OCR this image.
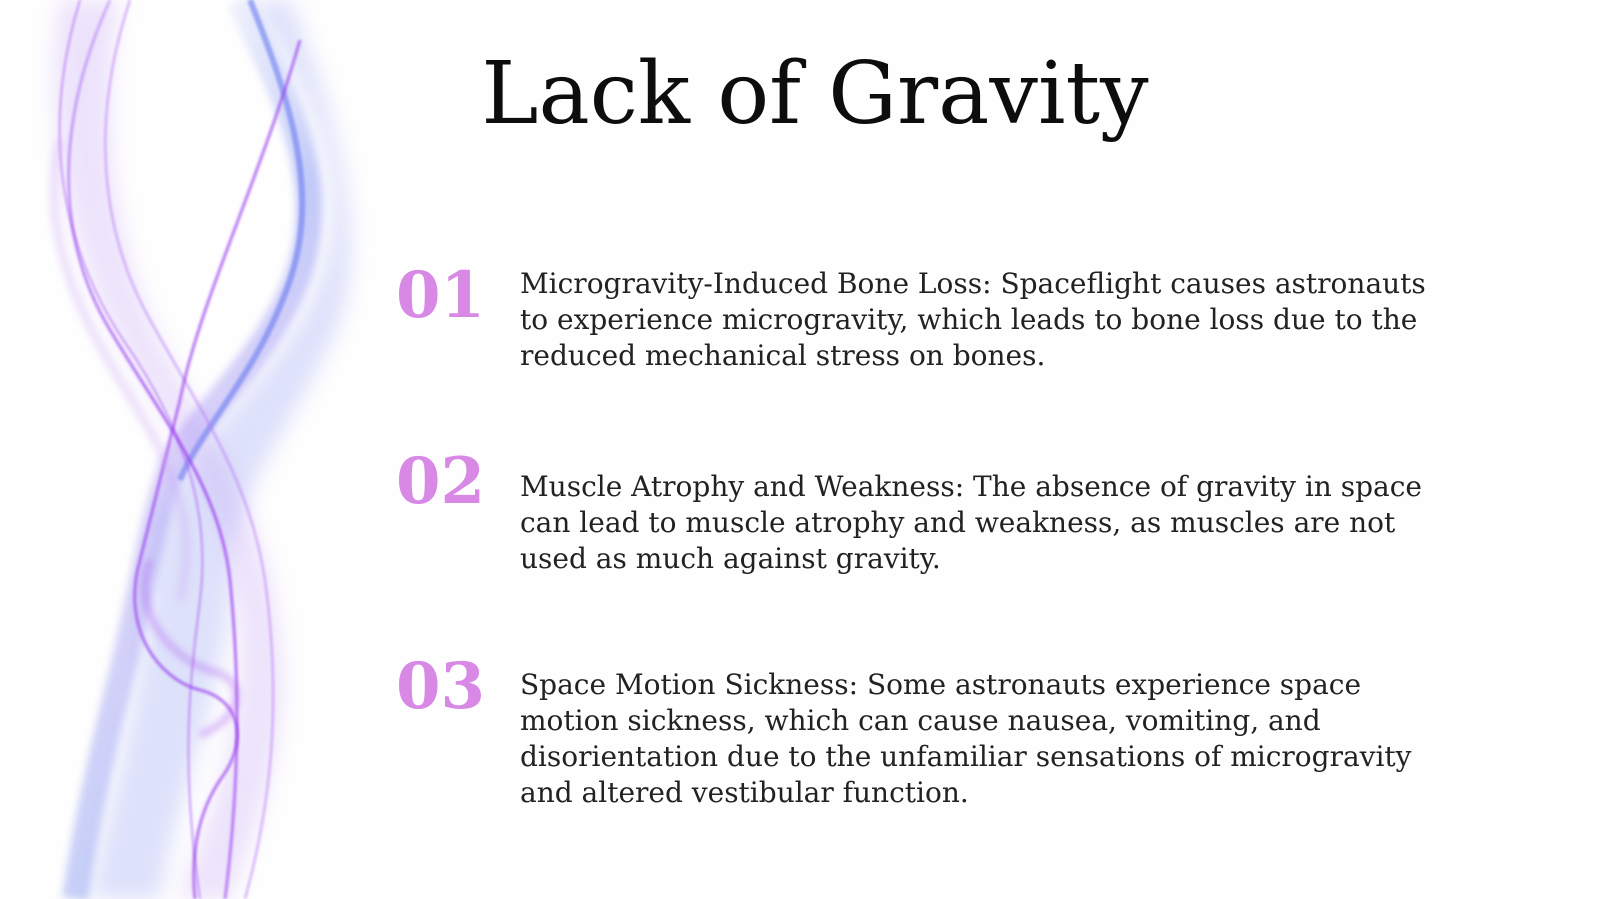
Lack of Gravity
01 Microgravity-Induced Bone Loss: Spaceflight causes astronauts to experience microgravity, which leads to bone loss due to the reduced mechanical stress on bones.

02 Muscle Atrophy and Weakness: The absence of gravity in space can lead to muscle atrophy and weakness, as muscles are not used as much against gravity.

03 Space Motion Sickness: Some astronauts experience space motion sickness, which can cause nausea, vomiting, and disorientation due to the unfamiliar sensations of microgravity and altered vestibular function.
